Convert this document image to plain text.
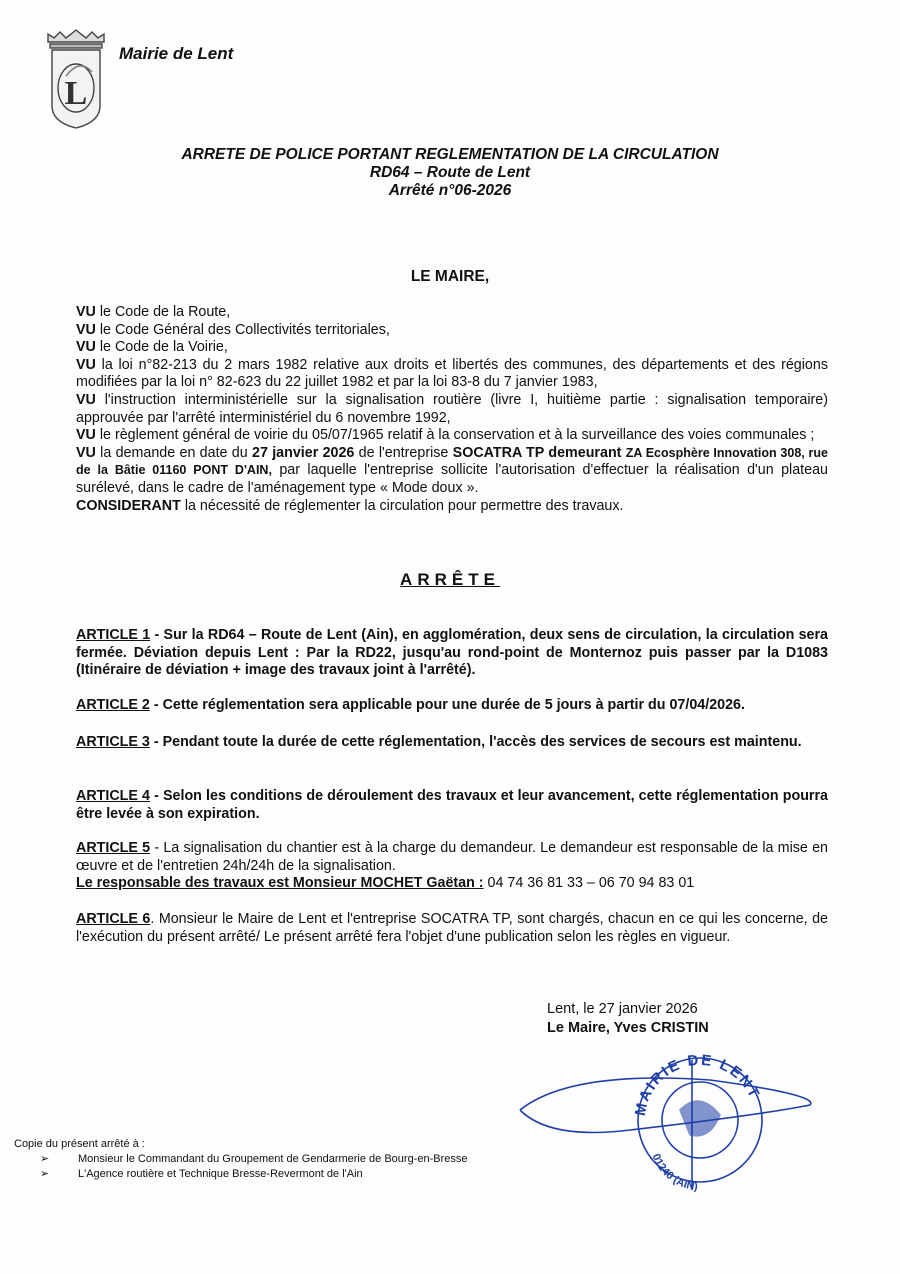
L
Mairie de Lent
ARRETE DE POLICE PORTANT REGLEMENTATION DE LA CIRCULATION
RD64 – Route de Lent
Arrêté n°06-2026
LE MAIRE,

VU le Code de la Route,

VU le Code Général des Collectivités territoriales,

VU le Code de la Voirie,

VU la loi n°82-213 du 2 mars 1982 relative aux droits et libertés des communes, des départements et des régions modifiées par la loi n° 82-623 du 22 juillet 1982 et par la loi 83-8 du 7 janvier 1983,

VU l'instruction interministérielle sur la signalisation routière (livre I, huitième partie : signalisation temporaire) approuvée par l'arrêté interministériel du 6 novembre 1992,

VU le règlement général de voirie du 05/07/1965 relatif à la conservation et à la surveillance des voies communales ;

VU la demande en date du 27 janvier 2026 de l'entreprise SOCATRA TP demeurant ZA Ecosphère Innovation 308, rue de la Bâtie 01160 PONT D'AIN, par laquelle l'entreprise sollicite l'autorisation d'effectuer la réalisation d'un plateau surélevé, dans le cadre de l'aménagement type « Mode doux ».

CONSIDERANT la nécessité de réglementer la circulation pour permettre des travaux.

ARRÊTE

ARTICLE 1 - Sur la RD64 – Route de Lent (Ain), en agglomération, deux sens de circulation, la circulation sera fermée. Déviation depuis Lent : Par la RD22, jusqu'au rond-point de Monternoz puis passer par la D1083 (Itinéraire de déviation + image des travaux joint à l'arrêté).

ARTICLE 2 - Cette réglementation sera applicable pour une durée de 5 jours à partir du 07/04/2026.

ARTICLE 3 - Pendant toute la durée de cette réglementation, l'accès des services de secours est maintenu.

ARTICLE 4 - Selon les conditions de déroulement des travaux et leur avancement, cette réglementation pourra être levée à son expiration.

ARTICLE 5 - La signalisation du chantier est à la charge du demandeur. Le demandeur est responsable de la mise en œuvre et de l'entretien 24h/24h de la signalisation.

Le responsable des travaux est Monsieur MOCHET Gaëtan : 04 74 36 81 33 – 06 70 94 83 01

ARTICLE 6. Monsieur le Maire de Lent et l'entreprise SOCATRA TP, sont chargés, chacun en ce qui les concerne, de l'exécution du présent arrêté/ Le présent arrêté fera l'objet d'une publication selon les règles en vigueur.

Lent, le 27 janvier 2026
Le Maire, Yves CRISTIN
MAIRIE DE LENT
01240 (AIN)
Copie du présent arrêté à :
➢	Monsieur le Commandant du Groupement de Gendarmerie de Bourg-en-Bresse
➢	L'Agence routière et Technique Bresse-Revermont de l'Ain
